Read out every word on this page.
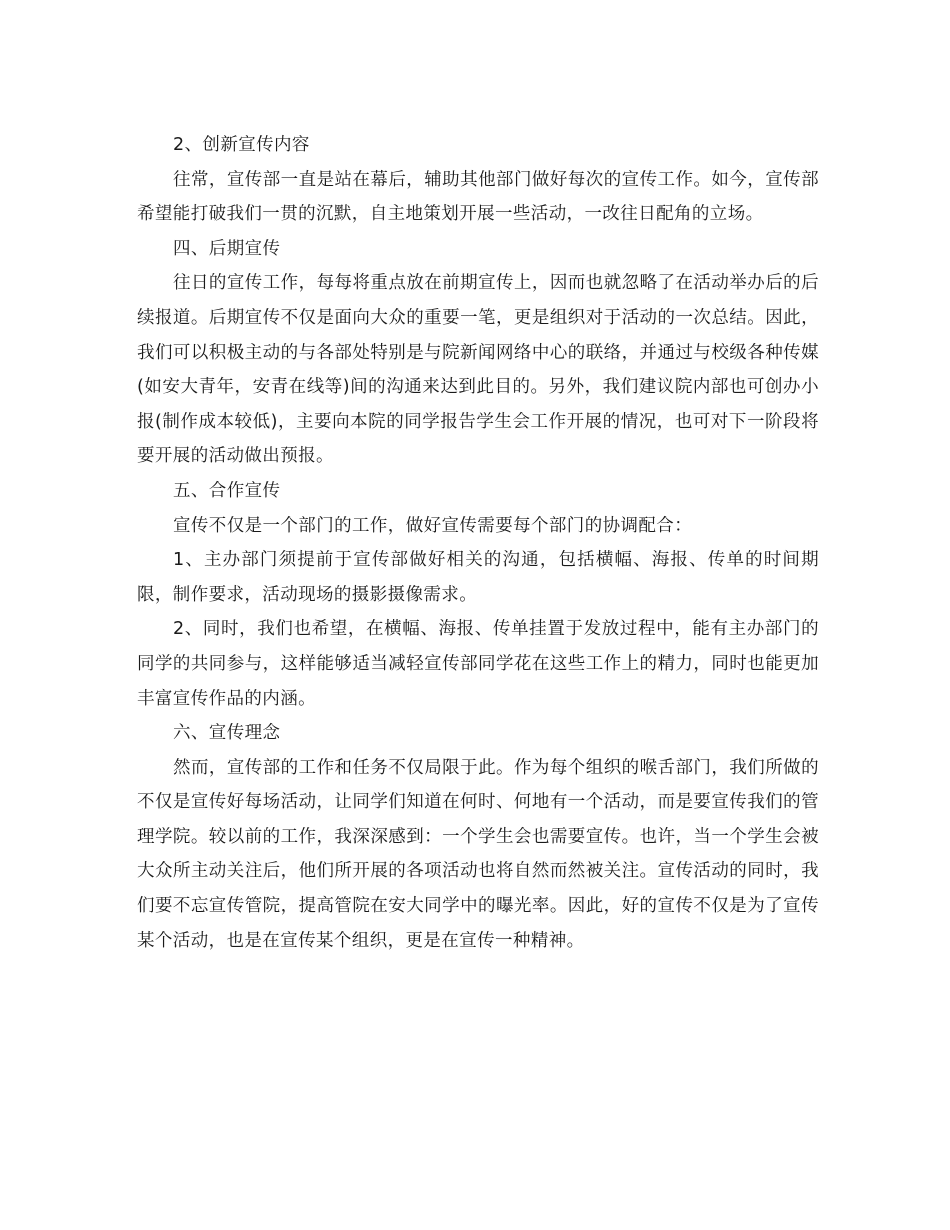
2、创新宣传内容

往常，宣传部一直是站在幕后，辅助其他部门做好每次的宣传工作。如今，宣传部希望能打破我们一贯的沉默，自主地策划开展一些活动，一改往日配角的立场。

四、后期宣传

往日的宣传工作，每每将重点放在前期宣传上，因而也就忽略了在活动举办后的后续报道。后期宣传不仅是面向大众的重要一笔，更是组织对于活动的一次总结。因此，我们可以积极主动的与各部处特别是与院新闻网络中心的联络，并通过与校级各种传媒(如安大青年，安青在线等)间的沟通来达到此目的。另外，我们建议院内部也可创办小报(制作成本较低)，主要向本院的同学报告学生会工作开展的情况，也可对下一阶段将要开展的活动做出预报。

五、合作宣传

宣传不仅是一个部门的工作，做好宣传需要每个部门的协调配合：

1、主办部门须提前于宣传部做好相关的沟通，包括横幅、海报、传单的时间期限，制作要求，活动现场的摄影摄像需求。

2、同时，我们也希望，在横幅、海报、传单挂置于发放过程中，能有主办部门的同学的共同参与，这样能够适当减轻宣传部同学花在这些工作上的精力，同时也能更加丰富宣传作品的内涵。

六、宣传理念

然而，宣传部的工作和任务不仅局限于此。作为每个组织的喉舌部门，我们所做的不仅是宣传好每场活动，让同学们知道在何时、何地有一个活动，而是要宣传我们的管理学院。较以前的工作，我深深感到：一个学生会也需要宣传。也许，当一个学生会被大众所主动关注后，他们所开展的各项活动也将自然而然被关注。宣传活动的同时，我们要不忘宣传管院，提高管院在安大同学中的曝光率。因此，好的宣传不仅是为了宣传某个活动，也是在宣传某个组织，更是在宣传一种精神。
